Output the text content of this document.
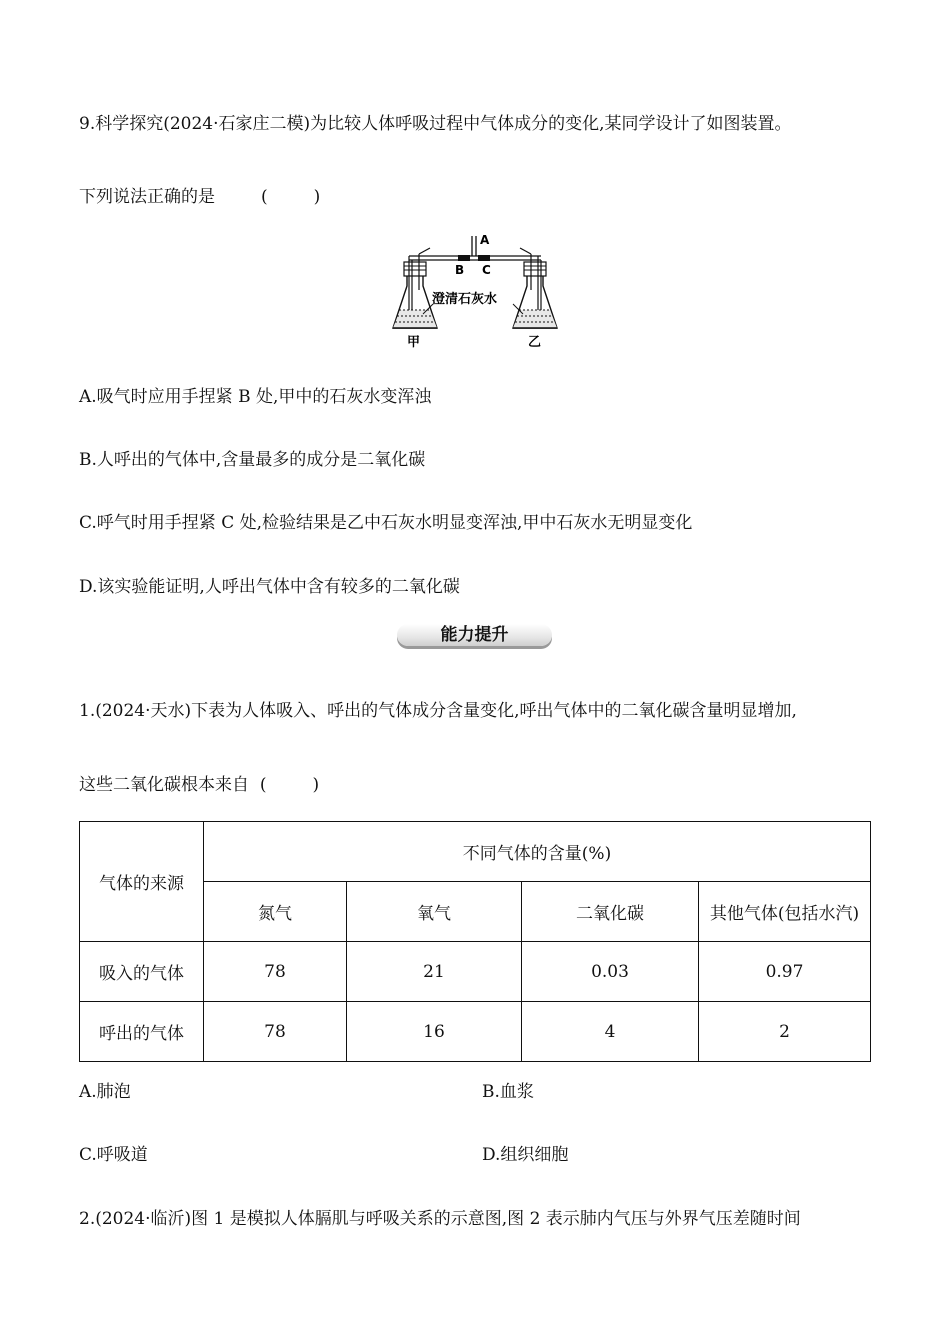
9.科学探究(2024·石家庄二模)为比较人体呼吸过程中气体成分的变化,某同学设计了如图装置。
下列说法正确的是	(	)
A
B C
澄清石灰水
甲	乙
A.吸气时应用手捏紧 B 处,甲中的石灰水变浑浊
B.人呼出的气体中,含量最多的成分是二氧化碳
C.呼气时用手捏紧 C 处,检验结果是乙中石灰水明显变浑浊,甲中石灰水无明显变化
D.该实验能证明,人呼出气体中含有较多的二氧化碳
能力提升
1.(2024·天水)下表为人体吸入、呼出的气体成分含量变化,呼出气体中的二氧化碳含量明显增加,
这些二氧化碳根本来自 (	)
气体的来源	不同气体的含量(%)			
	氮气	氧气	二氧化碳	其他气体(包括水汽)
吸入的气体	78	21	0.03	0.97
呼出的气体	78	16	4	2
A.肺泡	B.血浆
C.呼吸道	D.组织细胞
2.(2024·临沂)图 1 是模拟人体膈肌与呼吸关系的示意图,图 2 表示肺内气压与外界气压差随时间
